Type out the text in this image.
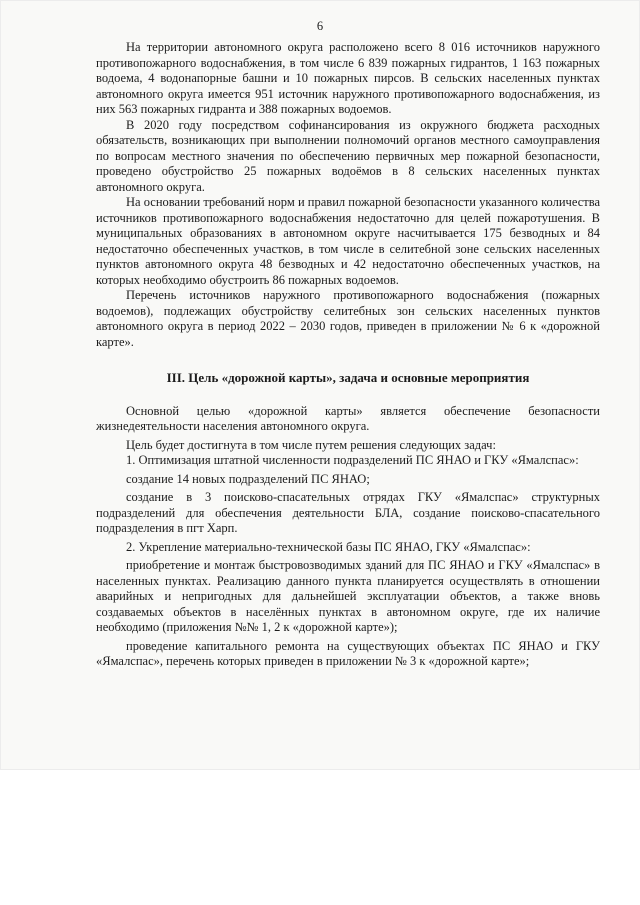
6

На территории автономного округа расположено всего 8 016 источников наружного противопожарного водоснабжения, в том числе 6 839 пожарных гидрантов, 1 163 пожарных водоема, 4 водонапорные башни и 10 пожарных пирсов. В сельских населенных пунктах автономного округа имеется 951 источник наружного противопожарного водоснабжения, из них 563 пожарных гидранта и 388 пожарных водоемов.

В 2020 году посредством софинансирования из окружного бюджета расходных обязательств, возникающих при выполнении полномочий органов местного самоуправления по вопросам местного значения по обеспечению первичных мер пожарной безопасности, проведено обустройство 25 пожарных водоёмов в 8 сельских населенных пунктах автономного округа.

На основании требований норм и правил пожарной безопасности указанного количества источников противопожарного водоснабжения недостаточно для целей пожаротушения. В муниципальных образованиях в автономном округе насчитывается 175 безводных и 84 недостаточно обеспеченных участков, в том числе в селитебной зоне сельских населенных пунктов автономного округа 48 безводных и 42 недостаточно обеспеченных участков, на которых необходимо обустроить 86 пожарных водоемов.

Перечень источников наружного противопожарного водоснабжения (пожарных водоемов), подлежащих обустройству селитебных зон сельских населенных пунктов автономного округа в период 2022 – 2030 годов, приведен в приложении № 6 к «дорожной карте».

III. Цель «дорожной карты», задача и основные мероприятия

Основной целью «дорожной карты» является обеспечение безопасности жизнедеятельности населения автономного округа.

Цель будет достигнута в том числе путем решения следующих задач:

1. Оптимизация штатной численности подразделений ПС ЯНАО и ГКУ «Ямалспас»:

создание 14 новых подразделений ПС ЯНАО;

создание в 3 поисково-спасательных отрядах ГКУ «Ямалспас» структурных подразделений для обеспечения деятельности БЛА, создание поисково-спасательного подразделения в пгт Харп.

2. Укрепление материально-технической базы ПС ЯНАО, ГКУ «Ямалспас»:

приобретение и монтаж быстровозводимых зданий для ПС ЯНАО и ГКУ «Ямалспас» в населенных пунктах. Реализацию данного пункта планируется осуществлять в отношении аварийных и непригодных для дальнейшей эксплуатации объектов, а также вновь создаваемых объектов в населённых пунктах в автономном округе, где их наличие необходимо (приложения №№ 1, 2 к «дорожной карте»);

проведение капитального ремонта на существующих объектах ПС ЯНАО и ГКУ «Ямалспас», перечень которых приведен в приложении № 3 к «дорожной карте»;
